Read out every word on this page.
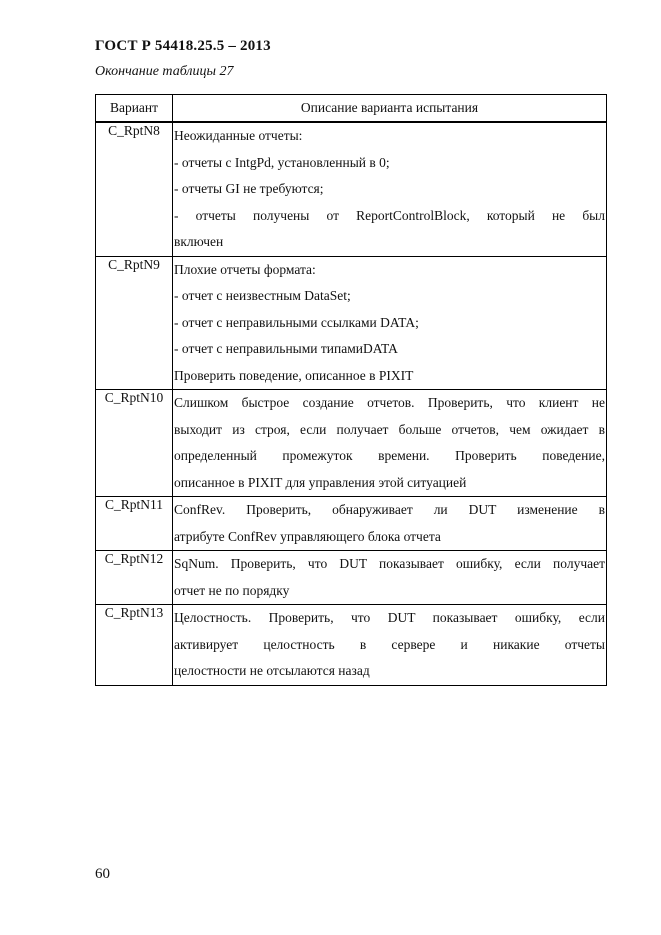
ГОСТ Р 54418.25.5 – 2013
Окончание таблицы 27
Вариант	Описание варианта испытания
C_RptN8	Неожиданные отчеты:
- отчеты с IntgPd, установленный в 0;
- отчеты GI не требуются;
- отчеты получены от ReportControlBlock, который не был
включен

C_RptN9	Плохие отчеты формата:
- отчет с неизвестным DataSet;
- отчет с неправильными ссылками DATA;
- отчет с неправильными типамиDATA
Проверить поведение, описанное в PIXIT

C_RptN10	Слишком быстрое создание отчетов. Проверить, что клиент не
выходит из строя, если получает больше отчетов, чем ожидает в
определенный промежуток времени. Проверить поведение,
описанное в PIXIT для управления этой ситуацией

C_RptN11	ConfRev. Проверить, обнаруживает ли DUT изменение в
атрибуте ConfRev управляющего блока отчета

C_RptN12	SqNum. Проверить, что DUT показывает ошибку, если получает
отчет не по порядку

C_RptN13	Целостность. Проверить, что DUT показывает ошибку, если
активирует целостность в сервере и никакие отчеты
целостности не отсылаются назад
60
